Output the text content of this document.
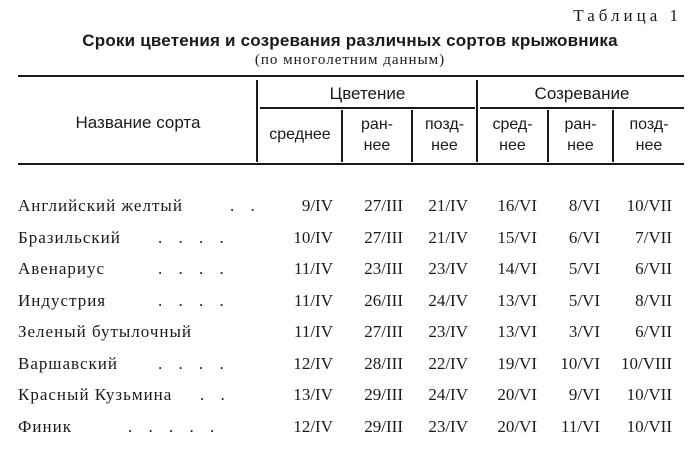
Таблица 1
Сроки цветения и созревания различных сортов крыжовника
(по многолетним данным)
Название сорта
Цветение	Созревание
среднее
ран-
нее
позд-
нее
сред-
нее
ран-
нее
позд-
нее
Английский желтый	. . 9/IV 27/III 21/IV 16/VI 8/VI 10/VII
Бразильский . . . .	10/IV 27/III 21/IV 15/VI 6/VI 7/VII
Авенариус	. . . .	11/IV 23/III 23/IV 14/VI 5/VI 6/VII
Индустрия	. . . .	11/IV 26/III 24/IV 13/VI 5/VI 8/VII
Зеленый бутылочный	11/IV 27/III 23/IV 13/VI 3/VI 6/VII
Варшавский . . . .	12/IV 28/III 22/IV 19/VI 10/VI 10/VIII
Красный Кузьмина . .	13/IV 29/III 24/IV 20/VI 9/VI 10/VII
Финик	. . . . .	12/IV 29/III 23/IV 20/VI 11/VI 10/VII
